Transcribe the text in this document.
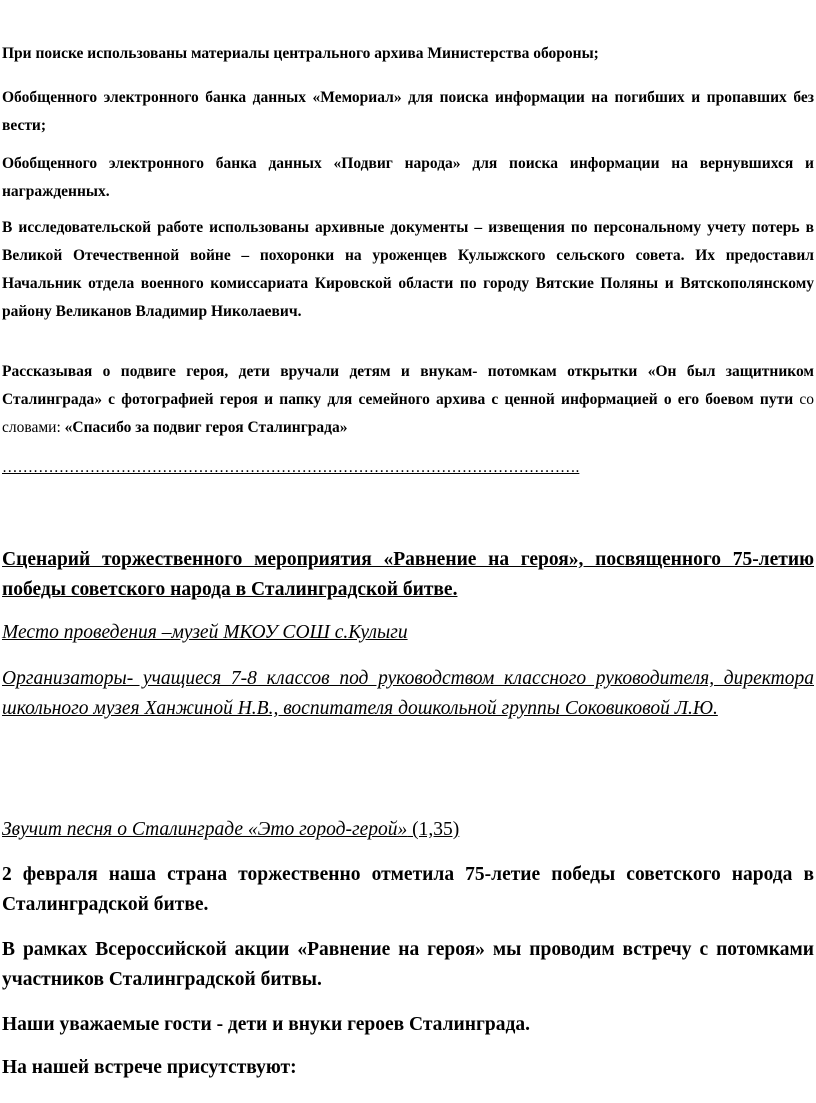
При поиске использованы материалы центрального архива Министерства обороны;

Обобщенного электронного банка данных «Мемориал» для поиска информации на погибших и пропавших без вести;

Обобщенного электронного банка данных «Подвиг народа» для поиска информации на вернувшихся и награжденных.

В исследовательской работе использованы архивные документы – извещения по персональному учету потерь в Великой Отечественной войне – похоронки на уроженцев Кулыжского сельского совета. Их предоставил Начальник отдела военного комиссариата Кировской области по городу Вятские Поляны и Вятскополянскому району Великанов Владимир Николаевич.

Рассказывая о подвиге героя, дети вручали детям и внукам- потомкам открытки «Он был защитником Сталинграда» с фотографией героя и папку для семейного архива с ценной информацией о его боевом пути со словами: «Спасибо за подвиг героя Сталинграда»

………………………………………………………………………………………………….

Сценарий торжественного мероприятия «Равнение на героя», посвященного 75-летию победы советского народа в Сталинградской битве.

Место проведения –музей МКОУ СОШ с.Кулыги

Организаторы- учащиеся 7-8 классов под руководством классного руководителя, директора школьного музея Ханжиной Н.В., воспитателя дошкольной группы Соковиковой Л.Ю.

Звучит песня о Сталинграде «Это город-герой» (1,35)

2 февраля наша страна торжественно отметила 75-летие победы советского народа в Сталинградской битве.

В рамках Всероссийской акции «Равнение на героя» мы проводим встречу с потомками участников Сталинградской битвы.

Наши уважаемые гости - дети и внуки героев Сталинграда.

На нашей встрече присутствуют:
